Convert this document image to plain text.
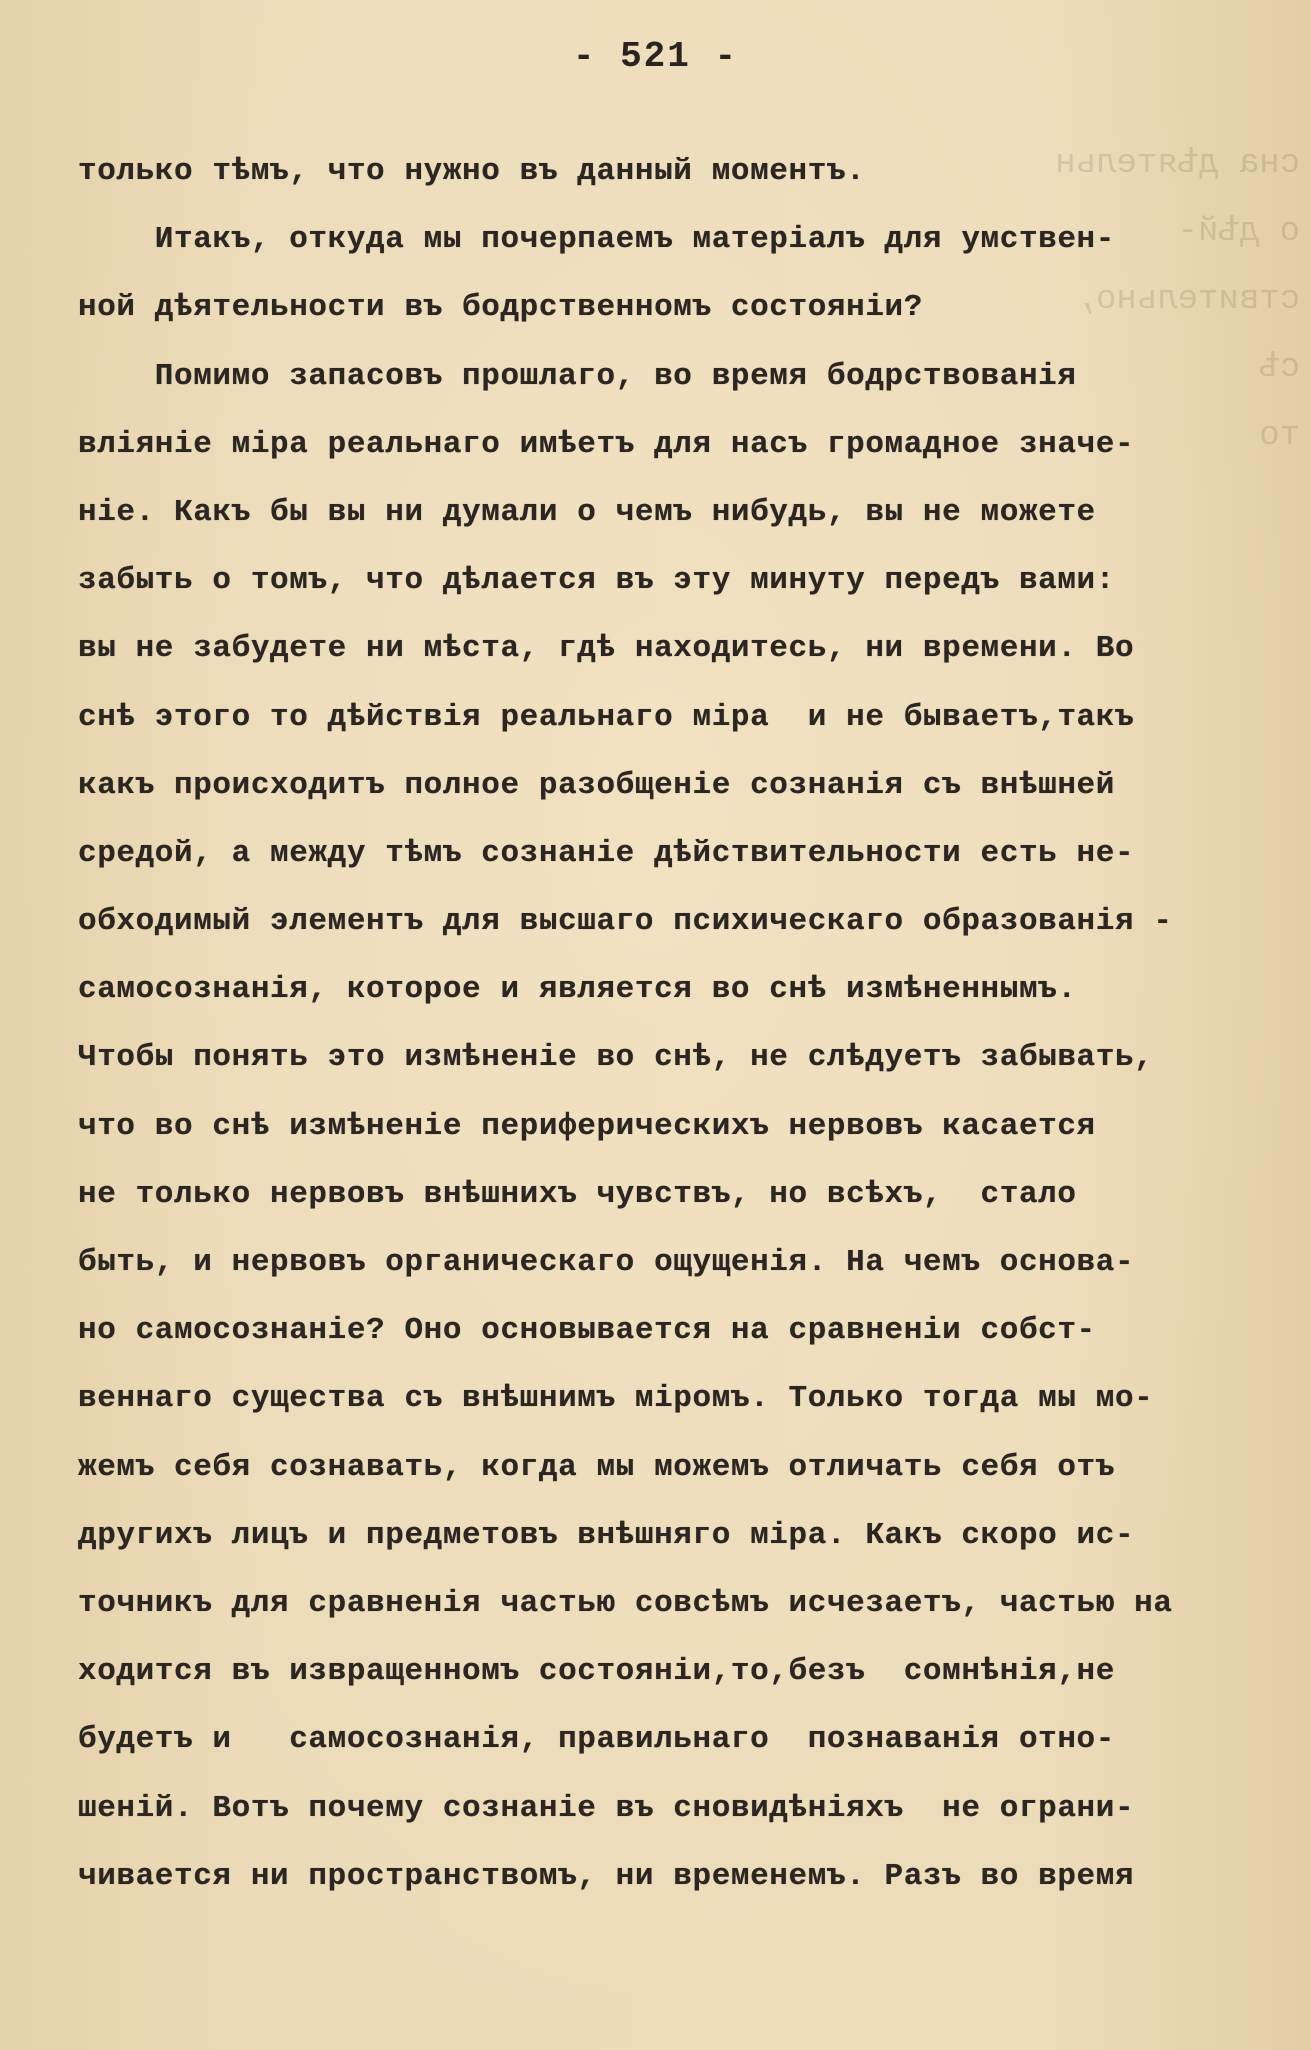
сна дѣятельн
о дѣй-
ствительно,
сѣ
то

- 521 -
только тѣмъ, что нужно въ данный моментъ.
Итакъ, откуда мы почерпаемъ матеріалъ для умствен-
ной дѣятельности въ бодрственномъ состояніи?
Помимо запасовъ прошлаго, во время бодрствованія
вліяніе міра реальнаго имѣетъ для насъ громадное значе-
ніе. Какъ бы вы ни думали о чемъ нибудь, вы не можете
забыть о томъ, что дѣлается въ эту минуту передъ вами:
вы не забудете ни мѣста, гдѣ находитесь, ни времени. Во
снѣ этого то дѣйствія реальнаго міра  и не бываетъ,такъ
какъ происходитъ полное разобщеніе сознанія съ внѣшней
средой, а между тѣмъ сознаніе дѣйствительности есть не-
обходимый элементъ для высшаго психическаго образованія -
самосознанія, которое и является во снѣ измѣненнымъ.
Чтобы понять это измѣненіе во снѣ, не слѣдуетъ забывать,
что во снѣ измѣненіе периферическихъ нервовъ касается
не только нервовъ внѣшнихъ чувствъ, но всѣхъ,  стало
быть, и нервовъ органическаго ощущенія. На чемъ основа-
но самосознаніе? Оно основывается на сравненіи собст-
веннаго существа съ внѣшнимъ міромъ. Только тогда мы мо-
жемъ себя сознавать, когда мы можемъ отличать себя отъ
другихъ лицъ и предметовъ внѣшняго міра. Какъ скоро ис-
точникъ для сравненія частью совсѣмъ исчезаетъ, частью на
ходится въ извращенномъ состояніи,то,безъ  сомнѣнія,не
будетъ и   самосознанія, правильнаго  познаванія отно-
шеній. Вотъ почему сознаніе въ сновидѣніяхъ  не ограни-
чивается ни пространствомъ, ни временемъ. Разъ во время
